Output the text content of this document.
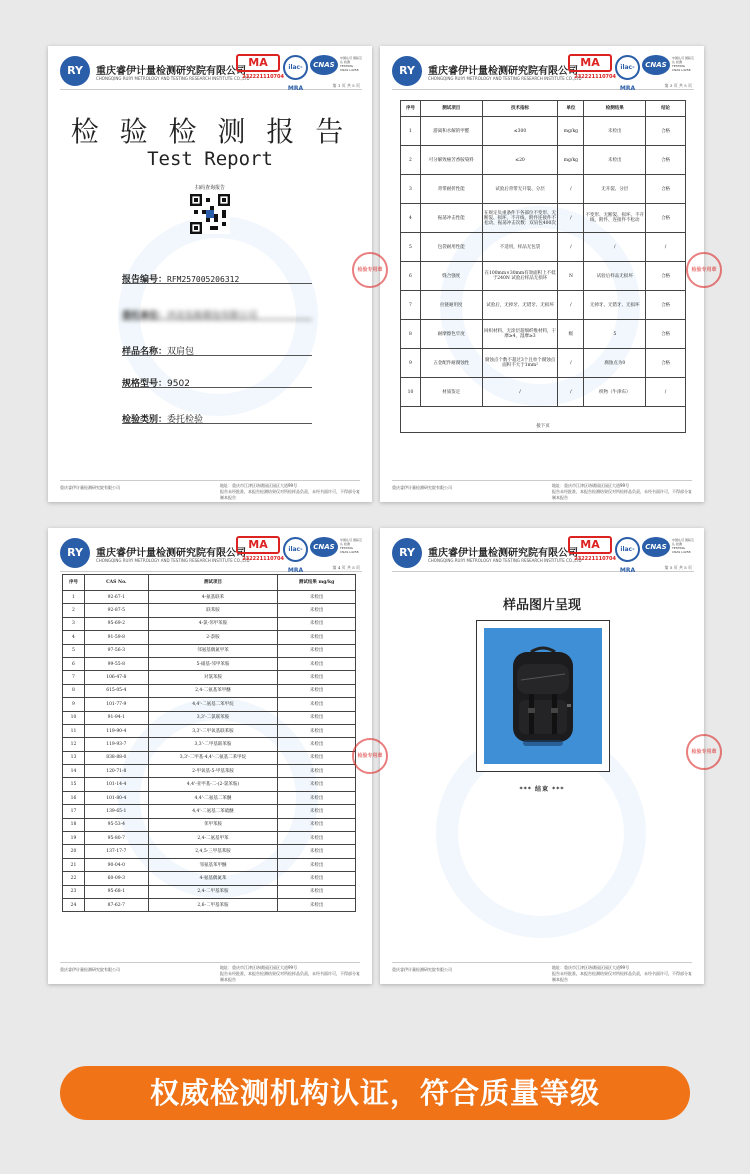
RY	重庆睿伊计量检测研究院有限公司
CHONGQING RUIYI METROLOGY AND TESTING RESEARCH INSTITUTE CO.,LTD
MA
232221110704
ilac-MRA
CNAS
中国认可 国际互认 检测 TESTING CNAS L4258
第 1 页 共 5 页
检 验 检 测 报 告
Test Report
扫码查询报告
报告编号：RFM257005206312
委托单位：河北伍航箱包有限公司
样品名称：双肩包
规格型号：9502
检验类别：委托检验
重庆睿伊计量检测研究院有限公司	地址：重庆市江津区珞璜园区园区大道99号
报告未经批准，本报告检测结果仅对所检样品负责，未经书面许可，不得部分复制本报告
RY	重庆睿伊计量检测研究院有限公司
CHONGQING RUIYI METROLOGY AND TESTING RESEARCH INSTITUTE CO.,LTD
MA
232221110704
ilac-MRA
CNAS
中国认可 国际互认 检测 TESTING CNAS L4258
第 3 页 共 5 页
序号	测试项目	技术指标	单位	检测结果	结论
1	游离和水解的甲醛	≤300	mg/kg	未检出	合格
2	可分解致癌芳香胺染料	≤20	mg/kg	未检出	合格
3	背带耐折性能	试验后背带无开裂、分层	/	无开裂、分层	合格
4	振荡冲击性能	在规定负重条件下各部位不变形、无断裂、损坏，不开线，附件连接件不松动，振荡冲击次数：双肩包400次	/	不变形、无断裂、损坏、不开线，附件、连接件不松动	合格
5	包袋耐用性能	不适用，样品无包袋	/	/	/
6	缝合强度	在100mm×30mm有效面积上不低于240N 试验后样品无损坏	N	试验后样品无损坏	合格
7	拉链耐用度	试验后，无掉牙、无错牙、无损坏	/	无掉牙、无错牙、无损坏	合格
8	耐摩擦色牢度	回织材料、无涂层超细纤维材料，干摩≥4，湿摩≥3	级	5	合格
9	五金配件耐腐蚀性	腐蚀点个数不超过3个且单个腐蚀点面积不大于1mm²	/	腐蚀点为0	合格
10	材质鉴定	/	/	织物（牛津布）	/
接下页					
检验专用章
重庆睿伊计量检测研究院有限公司	地址：重庆市江津区珞璜园区园区大道99号
报告未经批准，本报告检测结果仅对所检样品负责，未经书面许可，不得部分复制本报告
RY	重庆睿伊计量检测研究院有限公司
CHONGQING RUIYI METROLOGY AND TESTING RESEARCH INSTITUTE CO.,LTD
MA
232221110704
ilac-MRA
CNAS
中国认可 国际互认 检测 TESTING CNAS L4258
第 4 页 共 5 页
序号	CAS No.	测试项目	测试结果 mg/kg
1	92-67-1	4-氨基联苯	未检出
2	92-87-5	联苯胺	未检出
3	95-69-2	4-氯-邻甲苯胺	未检出
4	91-59-8	2-萘胺	未检出
5	97-56-3	邻氨基偶氮甲苯	未检出
6	99-55-8	5-硝基-邻甲苯胺	未检出
7	106-47-8	对氯苯胺	未检出
8	615-05-4	2,4-二氨基苯甲醚	未检出
9	101-77-9	4,4'-二氨基二苯甲烷	未检出
10	91-94-1	3,3'-二氯联苯胺	未检出
11	119-90-4	3,3'-二甲氧基联苯胺	未检出
12	119-93-7	3,3'-二甲基联苯胺	未检出
13	838-88-0	3,3'-二甲基-4,4'-二氨基二苯甲烷	未检出
14	120-71-8	2-甲氧基-5-甲基苯胺	未检出
15	101-14-4	4,4'-亚甲基-二-(2-氯苯胺)	未检出
16	101-80-4	4,4'-二氨基二苯醚	未检出
17	139-65-1	4,4'-二氨基二苯硫醚	未检出
18	95-53-4	邻甲苯胺	未检出
19	95-80-7	2,4-二氨基甲苯	未检出
20	137-17-7	2,4,5-三甲基苯胺	未检出
21	90-04-0	邻氨基苯甲醚	未检出
22	60-09-3	4-氨基偶氮苯	未检出
23	95-68-1	2,4-二甲基苯胺	未检出
24	87-62-7	2,6-二甲基苯胺	未检出
重庆睿伊计量检测研究院有限公司	地址：重庆市江津区珞璜园区园区大道99号
报告未经批准，本报告检测结果仅对所检样品负责，未经书面许可，不得部分复制本报告
RY	重庆睿伊计量检测研究院有限公司
CHONGQING RUIYI METROLOGY AND TESTING RESEARCH INSTITUTE CO.,LTD
MA
232221110704
ilac-MRA
CNAS
中国认可 国际互认 检测 TESTING CNAS L4258
第 5 页 共 5 页
样品图片呈现
*** 结束 ***
检验专用章
重庆睿伊计量检测研究院有限公司	地址：重庆市江津区珞璜园区园区大道99号
报告未经批准，本报告检测结果仅对所检样品负责，未经书面许可，不得部分复制本报告
检验专用章
检验专用章
权威检测机构认证，符合质量等级
